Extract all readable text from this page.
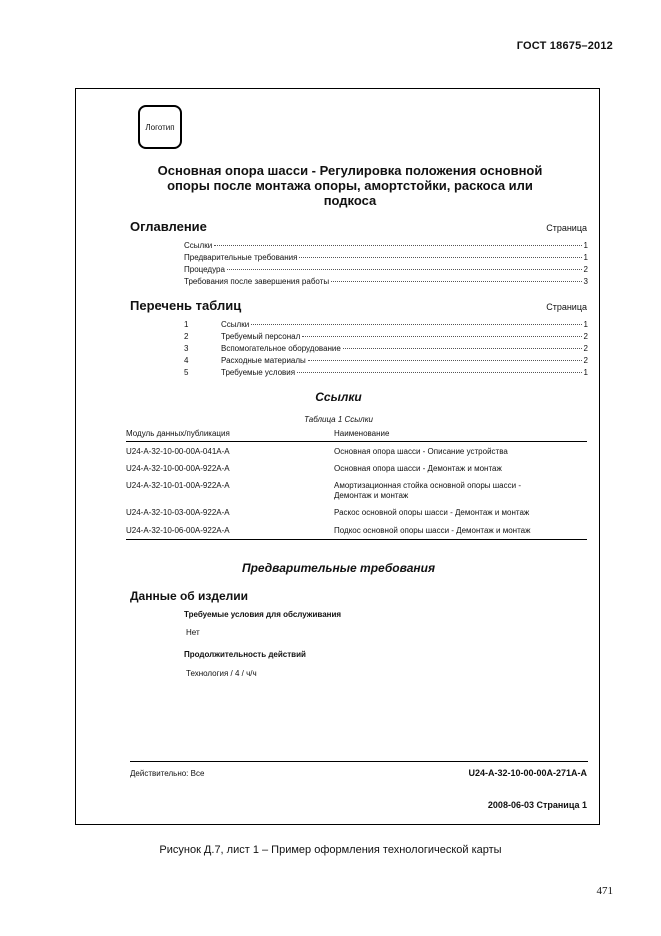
ГОСТ 18675–2012
Логотип
Основная опора шасси - Регулировка положения основной
опоры после монтажа опоры, амортстойки, раскоса или
подкоса
Оглавление	Страница
Ссылки	1
Предварительные требования	1
Процедура	2
Требования после завершения работы	3
Перечень таблиц	Страница
1	Ссылки	1
2	Требуемый персонал	2
3	Вспомогательное оборудование	2
4	Расходные материалы	2
5	Требуемые условия	1
Ссылки
Таблица 1 Ссылки
Модуль данных/публикация	Наименование
U24-A-32-10-00-00A-041A-A	Основная опора шасси - Описание устройства
U24-A-32-10-00-00A-922A-A	Основная опора шасси - Демонтаж и монтаж
U24-A-32-10-01-00A-922A-A	Амортизационная стойка основной опоры шасси -
Демонтаж и монтаж
U24-A-32-10-03-00A-922A-A	Раскос основной опоры шасси - Демонтаж и монтаж
U24-A-32-10-06-00A-922A-A	Подкос основной опоры шасси - Демонтаж и монтаж
Предварительные требования
Данные об изделии
Требуемые условия для обслуживания
Нет
Продолжительность действий
Технология / 4 / ч/ч
Действительно: Все	U24-A-32-10-00-00A-271A-A
2008-06-03 Страница 1
Рисунок Д.7, лист 1 – Пример оформления технологической карты
471
